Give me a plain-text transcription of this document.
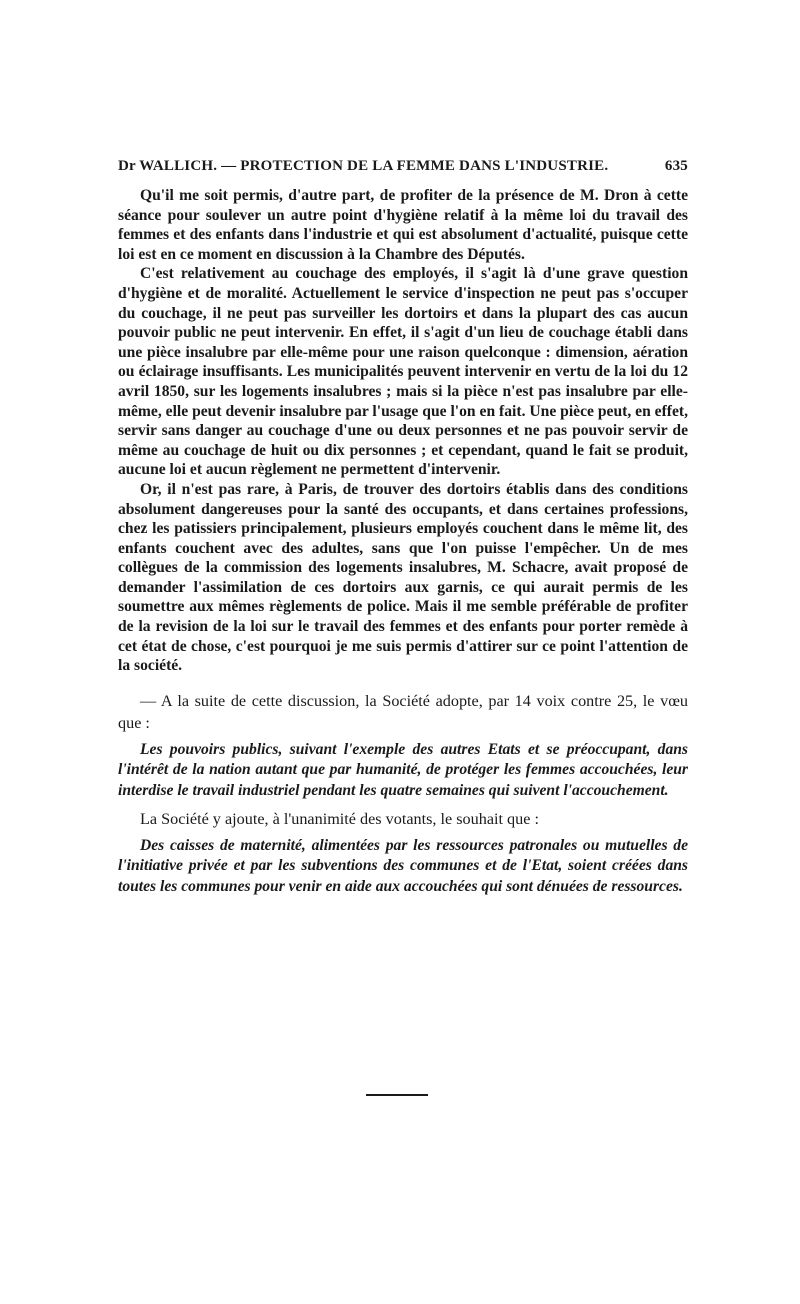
Dr WALLICH. — PROTECTION DE LA FEMME DANS L'INDUSTRIE.	635

Qu'il me soit permis, d'autre part, de profiter de la présence de M. Dron à cette séance pour soulever un autre point d'hygiène relatif à la même loi du travail des femmes et des enfants dans l'industrie et qui est absolument d'actualité, puisque cette loi est en ce moment en discussion à la Chambre des Députés.

C'est relativement au couchage des employés, il s'agit là d'une grave question d'hygiène et de moralité. Actuellement le service d'inspection ne peut pas s'occuper du couchage, il ne peut pas surveiller les dortoirs et dans la plupart des cas aucun pouvoir public ne peut intervenir. En effet, il s'agit d'un lieu de couchage établi dans une pièce insalubre par elle-même pour une raison quelconque : dimension, aération ou éclairage insuffisants. Les municipalités peuvent intervenir en vertu de la loi du 12 avril 1850, sur les logements insalubres ; mais si la pièce n'est pas insalubre par elle-même, elle peut devenir insalubre par l'usage que l'on en fait. Une pièce peut, en effet, servir sans danger au couchage d'une ou deux personnes et ne pas pouvoir servir de même au couchage de huit ou dix personnes ; et cependant, quand le fait se produit, aucune loi et aucun règlement ne permettent d'intervenir.

Or, il n'est pas rare, à Paris, de trouver des dortoirs établis dans des conditions absolument dangereuses pour la santé des occupants, et dans certaines professions, chez les patissiers principalement, plusieurs employés couchent dans le même lit, des enfants couchent avec des adultes, sans que l'on puisse l'empêcher. Un de mes collègues de la commission des logements insalubres, M. Schacre, avait proposé de demander l'assimilation de ces dortoirs aux garnis, ce qui aurait permis de les soumettre aux mêmes règlements de police. Mais il me semble préférable de profiter de la revision de la loi sur le travail des femmes et des enfants pour porter remède à cet état de chose, c'est pourquoi je me suis permis d'attirer sur ce point l'attention de la société.

— A la suite de cette discussion, la Société adopte, par 14 voix contre 25, le vœu que :

Les pouvoirs publics, suivant l'exemple des autres Etats et se préoccupant, dans l'intérêt de la nation autant que par humanité, de protéger les femmes accouchées, leur interdise le travail industriel pendant les quatre semaines qui suivent l'accouchement.

La Société y ajoute, à l'unanimité des votants, le souhait que :

Des caisses de maternité, alimentées par les ressources patronales ou mutuelles de l'initiative privée et par les subventions des communes et de l'Etat, soient créées dans toutes les communes pour venir en aide aux accouchées qui sont dénuées de ressources.
